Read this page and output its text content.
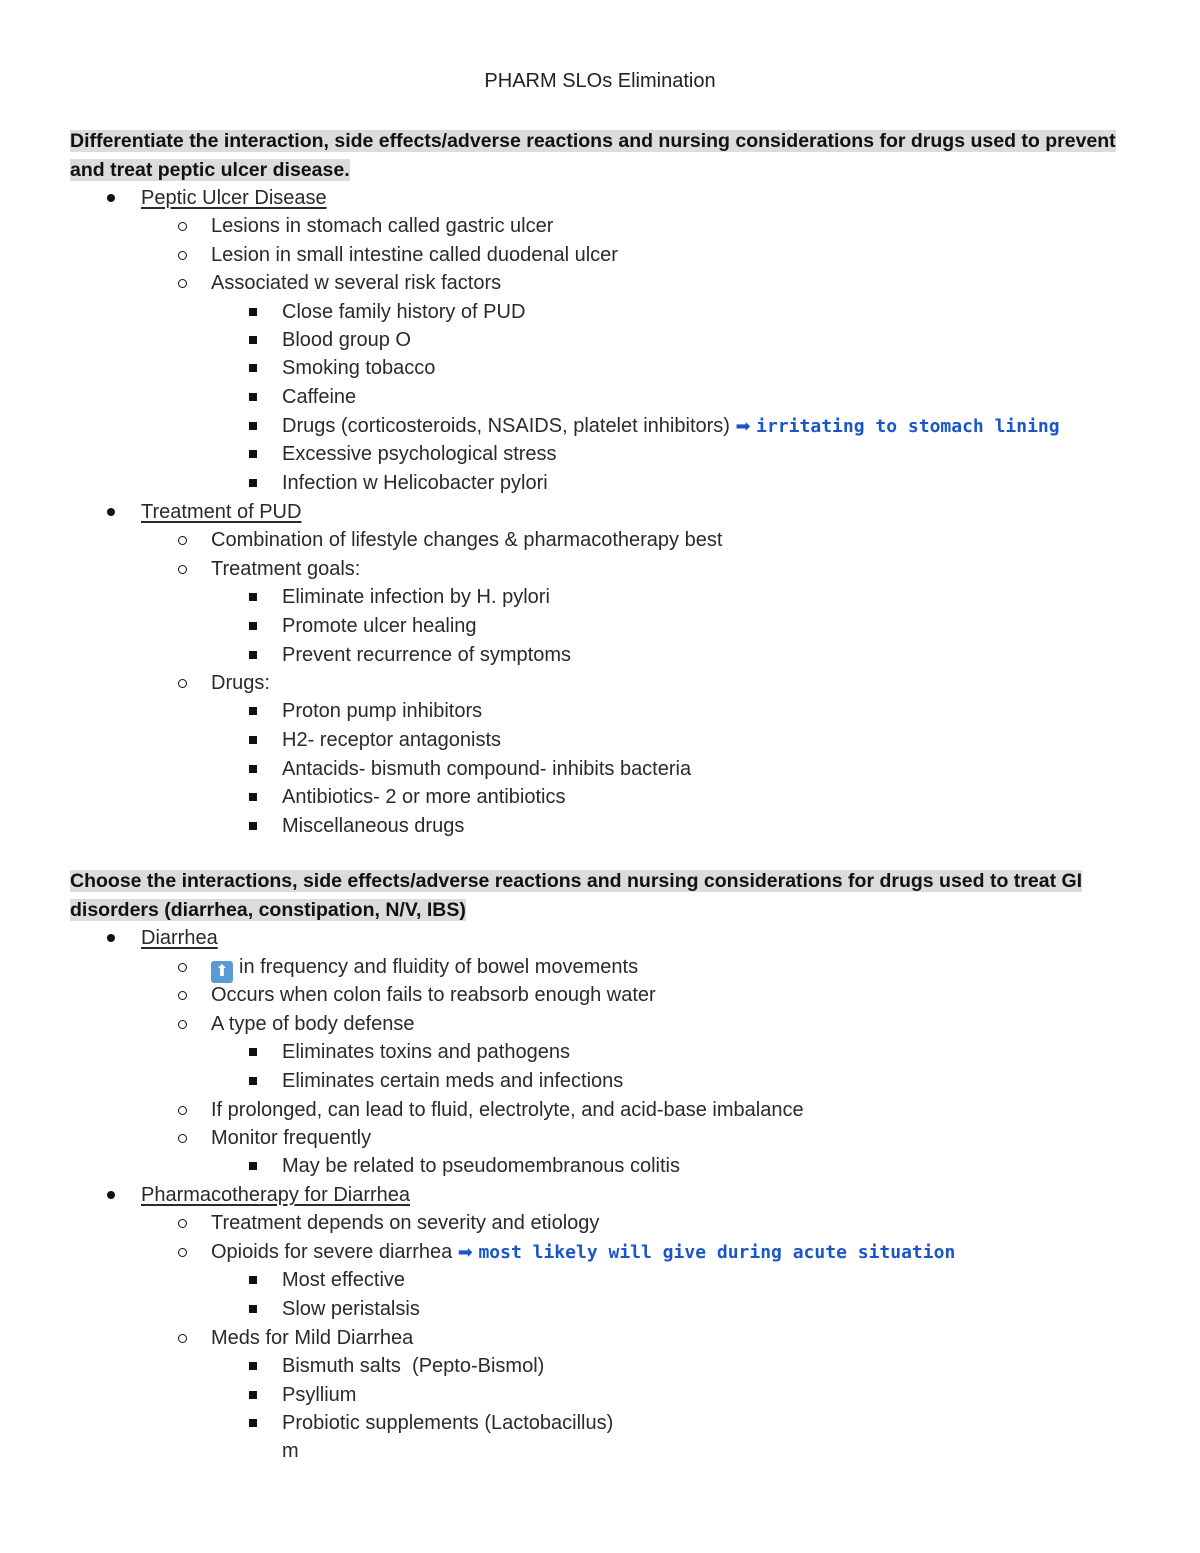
PHARM SLOs Elimination
Differentiate the interaction, side effects/adverse reactions and nursing considerations for drugs used to prevent and treat peptic ulcer disease.
Peptic Ulcer Disease
Lesions in stomach called gastric ulcer
Lesion in small intestine called duodenal ulcer
Associated w several risk factors
Close family history of PUD
Blood group O
Smoking tobacco
Caffeine
Drugs (corticosteroids, NSAIDS, platelet inhibitors) ➡ irritating to stomach lining
Excessive psychological stress
Infection w Helicobacter pylori
Treatment of PUD
Combination of lifestyle changes & pharmacotherapy best
Treatment goals:
Eliminate infection by H. pylori
Promote ulcer healing
Prevent recurrence of symptoms
Drugs:
Proton pump inhibitors
H2- receptor antagonists
Antacids- bismuth compound- inhibits bacteria
Antibiotics- 2 or more antibiotics
Miscellaneous drugs
Choose the interactions, side effects/adverse reactions and nursing considerations for drugs used to treat GI disorders (diarrhea, constipation, N/V, IBS)
Diarrhea
⬆ in frequency and fluidity of bowel movements
Occurs when colon fails to reabsorb enough water
A type of body defense
Eliminates toxins and pathogens
Eliminates certain meds and infections
If prolonged, can lead to fluid, electrolyte, and acid-base imbalance
Monitor frequently
May be related to pseudomembranous colitis
Pharmacotherapy for Diarrhea
Treatment depends on severity and etiology
Opioids for severe diarrhea ➡ most likely will give during acute situation
Most effective
Slow peristalsis
Meds for Mild Diarrhea
Bismuth salts  (Pepto-Bismol)
Psyllium
Probiotic supplements (Lactobacillus)
m
